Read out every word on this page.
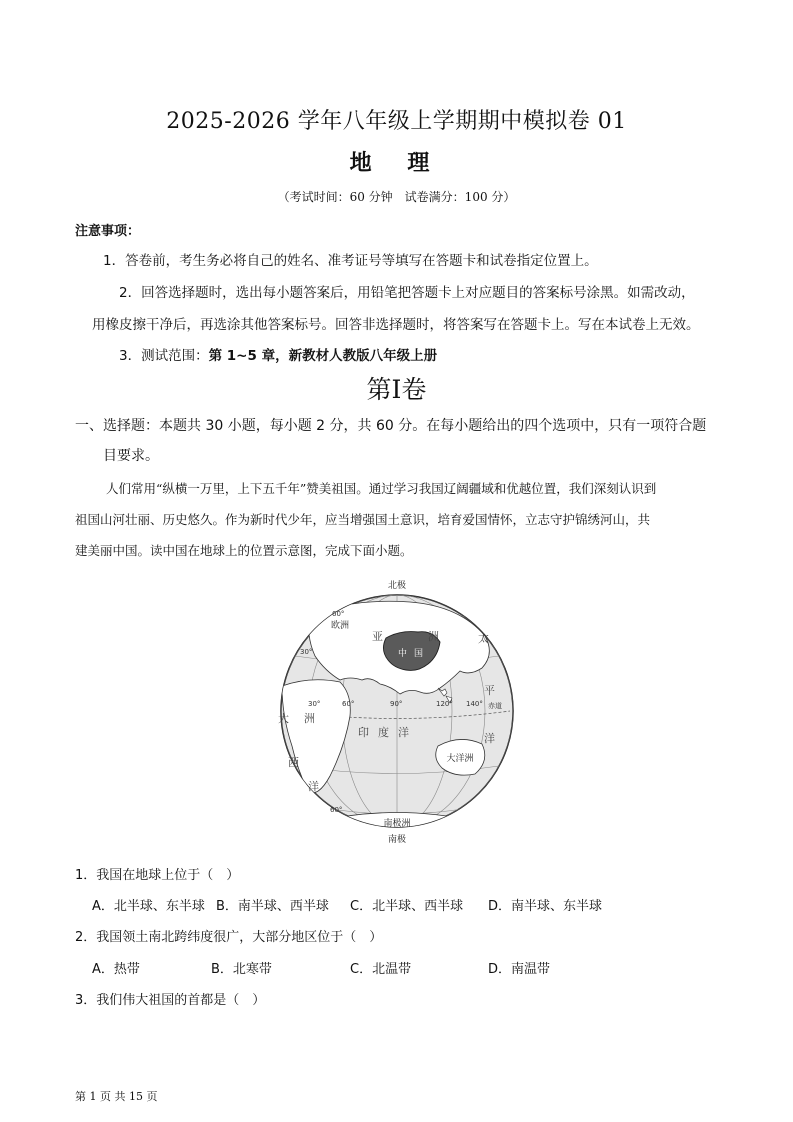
2025-2026 学年八年级上学期期中模拟卷 01
地 理
（考试时间：60 分钟　试卷满分：100 分）
注意事项：
1．答卷前，考生务必将自己的姓名、准考证号等填写在答题卡和试卷指定位置上。
2．回答选择题时，选出每小题答案后，用铅笔把答题卡上对应题目的答案标号涂黑。如需改动，
用橡皮擦干净后，再选涂其他答案标号。回答非选择题时，将答案写在答题卡上。写在本试卷上无效。
3．测试范围：第 1~5 章，新教材人教版八年级上册
第Ⅰ卷
一、选择题：本题共 30 小题，每小题 2 分，共 60 分。在每小题给出的四个选项中，只有一项符合题
目要求。
人们常用“纵横一万里，上下五千年”赞美祖国。通过学习我国辽阔疆域和优越位置，我们深刻认识到
祖国山河壮丽、历史悠久。作为新时代少年，应当增强国土意识，培育爱国情怀，立志守护锦绣河山，共
建美丽中国。读中国在地球上的位置示意图，完成下面小题。
北极
南极
欧洲
亚	洲
中 国
太
平
洋
印 度 洋
大 洲
西
洋
大洋洲
南极洲
60°
30°
30°	60°	90°	120° 140°
60°
赤道
1．我国在地球上位于（　）
A．北半球、东半球 B．南半球、西半球 C．北半球、西半球 D．南半球、东半球
2．我国领土南北跨纬度很广，大部分地区位于（　）
A．热带	B．北寒带	C．北温带	D．南温带
3．我们伟大祖国的首都是（　）
第 1 页 共 15 页
